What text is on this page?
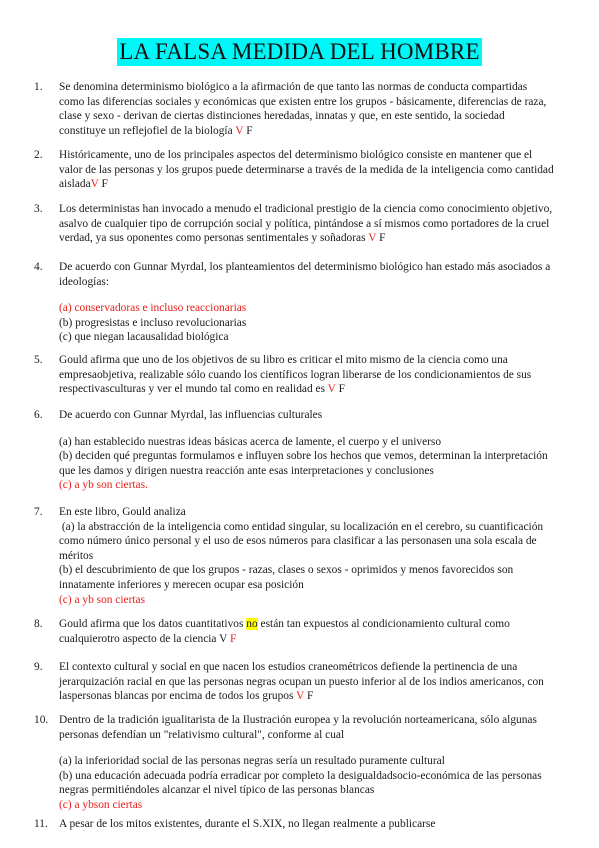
LA FALSA MEDIDA DEL HOMBRE
1.	Se denomina determinismo biológico a la afirmación de que tanto las normas de conducta compartidas como las diferencias sociales y económicas que existen entre los grupos - básicamente, diferencias de raza, clase y sexo - derivan de ciertas distinciones heredadas, innatas y que, en este sentido, la sociedad constituye un reflejofiel de la biología V F

2.	Históricamente, uno de los principales aspectos del determinismo biológico consiste en mantener que el valor de las personas y los grupos puede determinarse a través de la medida de la inteligencia como cantidad aisladaV F

3.	Los deterministas han invocado a menudo el tradicional prestigio de la ciencia como conocimiento objetivo, asalvo de cualquier tipo de corrupción social y política, pintándose a sí mismos como portadores de la cruel verdad, ya sus oponentes como personas sentimentales y soñadoras V F

4.	De acuerdo con Gunnar Myrdal, los planteamientos del determinismo biológico han estado más asociados a ideologías:

(a) conservadoras e incluso reaccionarias

(b) progresistas e incluso revolucionarias

(c) que niegan lacausalidad biológica

5.	Gould afirma que uno de los objetivos de su libro es criticar el mito mismo de la ciencia como una empresaobjetiva, realizable sólo cuando los científicos logran liberarse de los condicionamientos de sus respectivasculturas y ver el mundo tal como en realidad es V F

6.	De acuerdo con Gunnar Myrdal, las influencias culturales

(a) han establecido nuestras ideas básicas acerca de lamente, el cuerpo y el universo

(b) deciden qué preguntas formulamos e influyen sobre los hechos que vemos, determinan la interpretación que les damos y dirigen nuestra reacción ante esas interpretaciones y conclusiones

(c) a yb son ciertas.

7.	En este libro, Gould analiza

(a) la abstracción de la inteligencia como entidad singular, su localización en el cerebro, su cuantificación como número único personal y el uso de esos números para clasificar a las personasen una sola escala de méritos

(b) el descubrimiento de que los grupos - razas, clases o sexos - oprimidos y menos favorecidos son innatamente inferiores y merecen ocupar esa posición

(c) a yb son ciertas

8.	Gould afirma que los datos cuantitativos no están tan expuestos al condicionamiento cultural como cualquierotro aspecto de la ciencia V F

9.	El contexto cultural y social en que nacen los estudios craneométricos defiende la pertinencia de una jerarquización racial en que las personas negras ocupan un puesto inferior al de los indios americanos, con laspersonas blancas por encima de todos los grupos V F

10. Dentro de la tradición igualitarista de la Ilustración europea y la revolución norteamericana, sólo algunas personas defendían un "relativismo cultural", conforme al cual

(a) la inferioridad social de las personas negras sería un resultado puramente cultural

(b) una educación adecuada podría erradicar por completo la desigualdadsocio-económica de las personas negras permitiéndoles alcanzar el nivel típico de las personas blancas

(c) a ybson ciertas

11. A pesar de los mitos existentes, durante el S.XIX, no llegan realmente a publicarse
